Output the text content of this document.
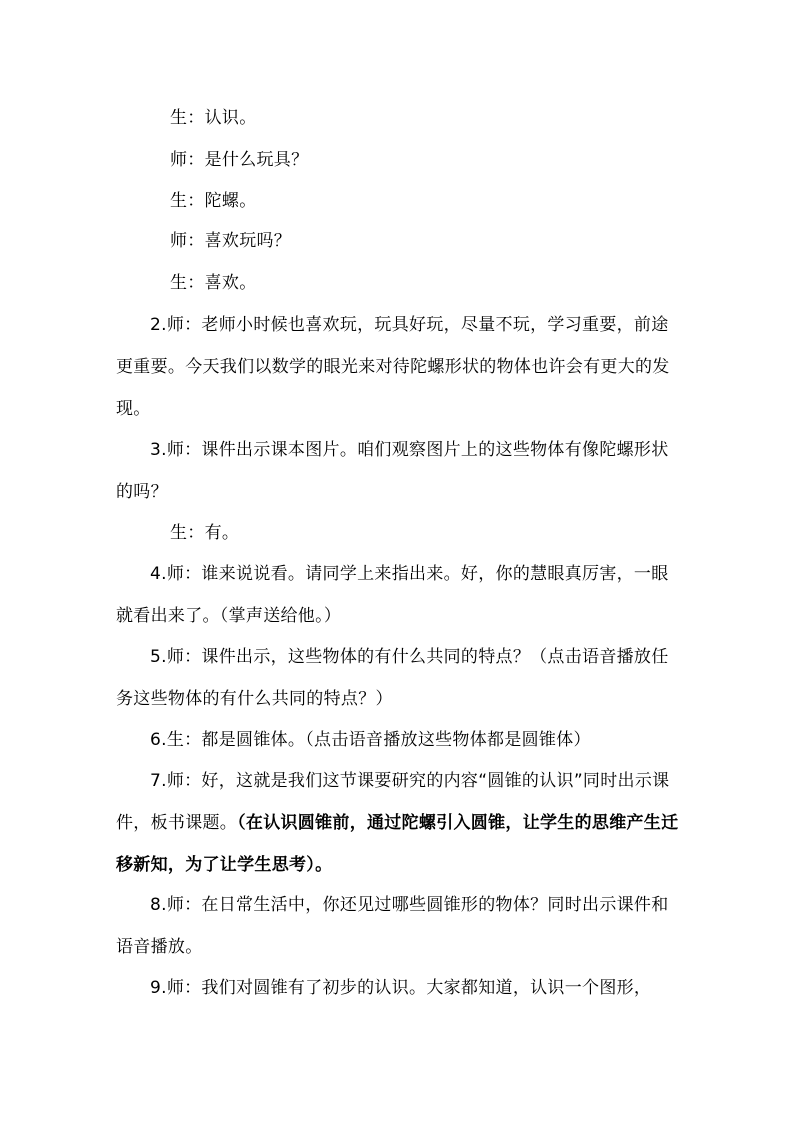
生：认识。

师：是什么玩具？

生：陀螺。

师：喜欢玩吗？

生：喜欢。

2.师：老师小时候也喜欢玩，玩具好玩，尽量不玩，学习重要，前途更重要。今天我们以数学的眼光来对待陀螺形状的物体也许会有更大的发现。

3.师：课件出示课本图片。咱们观察图片上的这些物体有像陀螺形状的吗？

生：有。

4.师：谁来说说看。请同学上来指出来。好，你的慧眼真厉害，一眼就看出来了。（掌声送给他。）

5.师：课件出示，这些物体的有什么共同的特点？（点击语音播放任务这些物体的有什么共同的特点？）

6.生：都是圆锥体。（点击语音播放这些物体都是圆锥体）

7.师：好，这就是我们这节课要研究的内容“圆锥的认识”同时出示课件，板书课题。（在认识圆锥前，通过陀螺引入圆锥，让学生的思维产生迁移新知，为了让学生思考）。

8.师：在日常生活中，你还见过哪些圆锥形的物体？同时出示课件和语音播放。

9.师：我们对圆锥有了初步的认识。大家都知道，认识一个图形，
